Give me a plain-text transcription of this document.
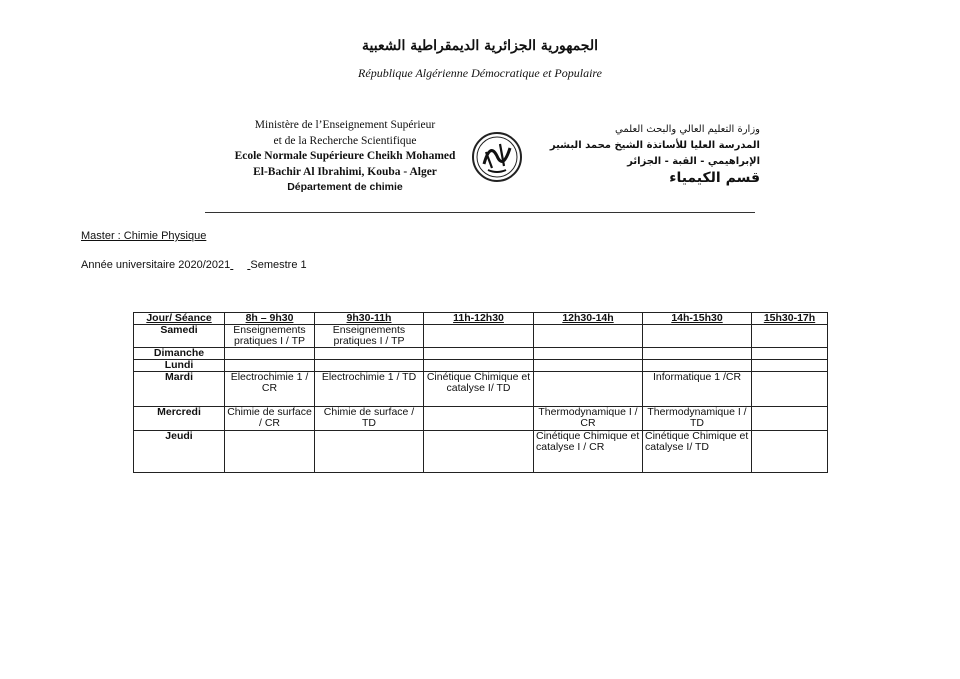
الجمهورية الجزائرية الديمقراطية الشعبية
République Algérienne Démocratique et Populaire
Ministère de l’Enseignement Supérieur
et de la Recherche Scientifique
Ecole Normale Supérieure Cheikh Mohamed
El-Bachir Al Ibrahimi, Kouba - Alger
Département de chimie
وزارة التعليم العالي والبحث العلمي
المدرسة العليا للأساتذة الشيخ محمد البشير
الإبراهيمي - القبة - الجزائر
قسم الكيمياء
Master : Chimie Physique
Année universitaire 2020/2021 Semestre 1
Jour/ Séance	8h – 9h30	9h30-11h	11h-12h30	12h30-14h	14h-15h30	15h30-17h
Samedi	Enseignements pratiques I / TP	Enseignements pratiques I / TP				
Dimanche						
Lundi						
Mardi	Electrochimie 1 / CR	Electrochimie 1 / TD	Cinétique Chimique et catalyse I/ TD		Informatique 1 /CR	
Mercredi	Chimie de surface / CR	Chimie de surface / TD		Thermodynamique I / CR	Thermodynamique I / TD	
Jeudi				Cinétique Chimique et catalyse I / CR	Cinétique Chimique et catalyse I/ TD	
